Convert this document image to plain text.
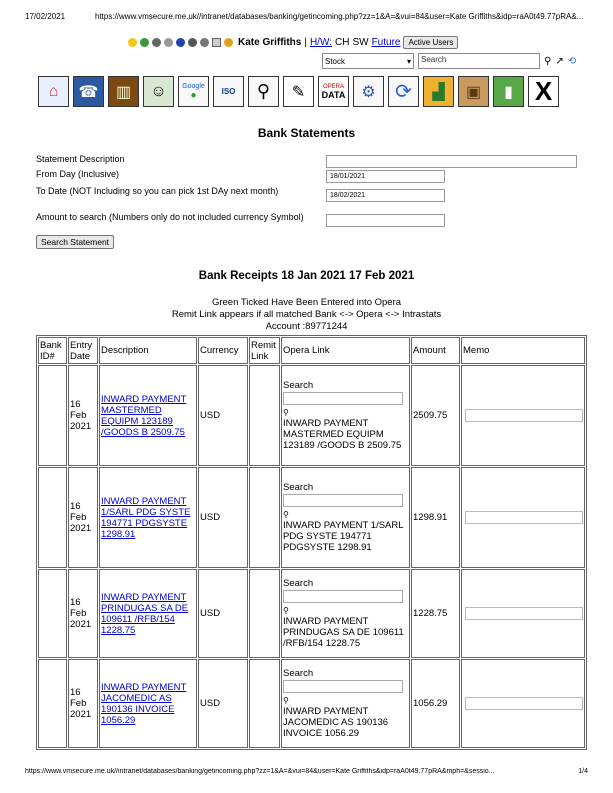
17/02/2021	https://www.vmsecure.me.uk//intranet/databases/banking/getincoming.php?zz=1&A=&vui=84&user=Kate Griffiths&idp=raA0t49.77pRA&...
Kate Griffiths | H/W: CH SW Future	Active Users
Stock	▾	Search	⚲ ↗ ⟲
⌂	☎	▥	☺	Google
●	ISO	⚲	✎	OPERA
DATA	⚙ ⟳	▟	▣	▮ X
Bank Statements
Statement Description
From Day (Inclusive)	18/01/2021
To Date (NOT Including so you can pick 1st DAy next month)	18/02/2021
Amount to search (Numbers only do not included currency Symbol)
Search Statement
Bank Receipts 18 Jan 2021 17 Feb 2021
Green Ticked Have Been Entered into Opera
Remit Link appears if all matched Bank <-> Opera <-> Intrastats
Account :89771244
Bank ID#	Entry Date	Description	Currency	Remit Link	Opera Link	Amount	Memo
	16 Feb 2021	INWARD PAYMENT MASTERMED EQUIPM 123189 /GOODS B 2509.75	USD		Search
⚲
INWARD PAYMENT MASTERMED EQUIPM 123189 /GOODS B 2509.75	2509.75	

	16 Feb 2021	INWARD PAYMENT 1/SARL PDG SYSTE 194771 PDGSYSTE 1298.91	USD		Search
⚲
INWARD PAYMENT 1/SARL PDG SYSTE 194771 PDGSYSTE 1298.91	1298.91	

	16 Feb 2021	INWARD PAYMENT PRINDUGAS SA DE 109611 /RFB/154 1228.75	USD		Search
⚲
INWARD PAYMENT PRINDUGAS SA DE 109611 /RFB/154 1228.75	1228.75	

	16 Feb 2021	INWARD PAYMENT JACOMEDIC AS 190136 INVOICE 1056.29	USD		Search
⚲
INWARD PAYMENT JACOMEDIC AS 190136 INVOICE 1056.29	1056.29	
https://www.vmsecure.me.uk//intranet/databases/banking/getincoming.php?zz=1&A=&vui=84&user=Kate Griffiths&idp=raA0t49.77pRA&mph=&sessio...	1/4
